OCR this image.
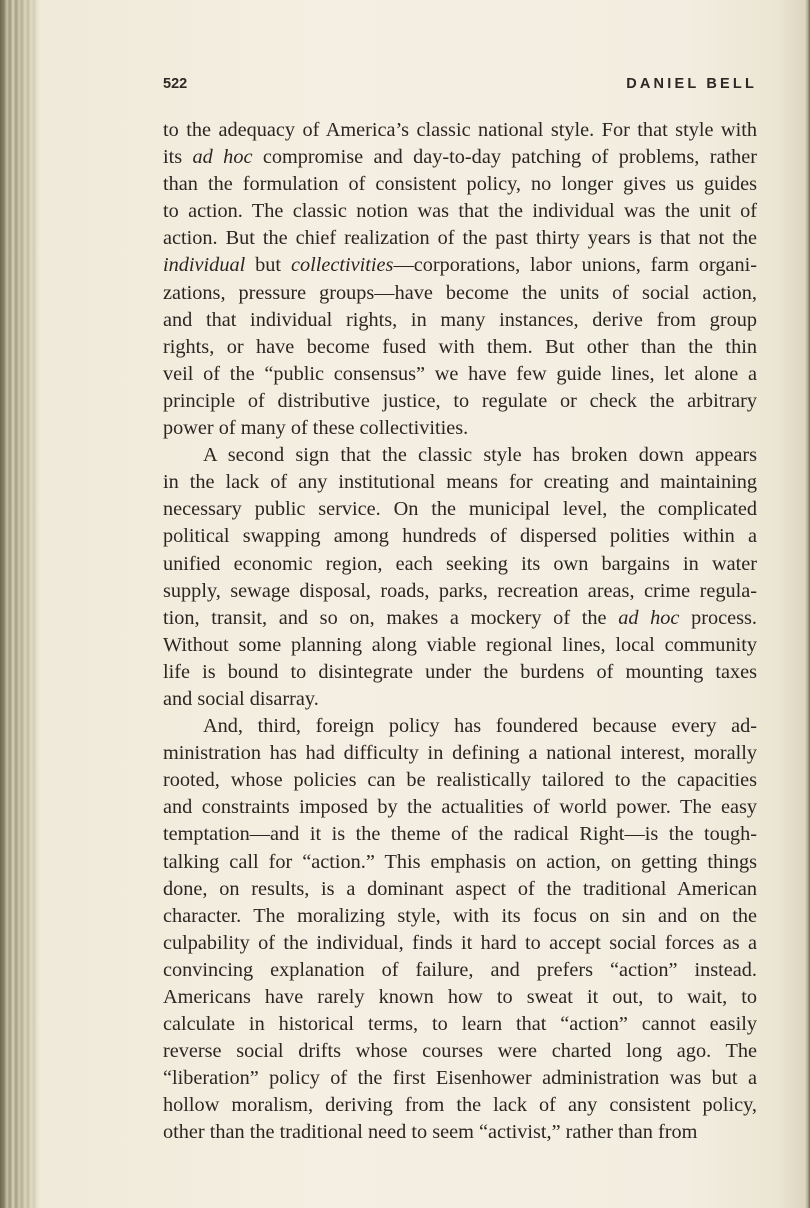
522	DANIEL BELL

to the adequacy of America’s classic national style. For that style with
its ad hoc compromise and day-to-day patching of problems, rather
than the formulation of consistent policy, no longer gives us guides
to action. The classic notion was that the individual was the unit of
action. But the chief realization of the past thirty years is that not the
individual but collectivities—corporations, labor unions, farm organi-
zations, pressure groups—have become the units of social action,
and that individual rights, in many instances, derive from group
rights, or have become fused with them. But other than the thin
veil of the “public consensus” we have few guide lines, let alone a
principle of distributive justice, to regulate or check the arbitrary
power of many of these collectivities.

A second sign that the classic style has broken down appears
in the lack of any institutional means for creating and maintaining
necessary public service. On the municipal level, the complicated
political swapping among hundreds of dispersed polities within a
unified economic region, each seeking its own bargains in water
supply, sewage disposal, roads, parks, recreation areas, crime regula-
tion, transit, and so on, makes a mockery of the ad hoc process.
Without some planning along viable regional lines, local community
life is bound to disintegrate under the burdens of mounting taxes
and social disarray.

And, third, foreign policy has foundered because every ad-
ministration has had difficulty in defining a national interest, morally
rooted, whose policies can be realistically tailored to the capacities
and constraints imposed by the actualities of world power. The easy
temptation—and it is the theme of the radical Right—is the tough-
talking call for “action.” This emphasis on action, on getting things
done, on results, is a dominant aspect of the traditional American
character. The moralizing style, with its focus on sin and on the
culpability of the individual, finds it hard to accept social forces as a
convincing explanation of failure, and prefers “action” instead.
Americans have rarely known how to sweat it out, to wait, to
calculate in historical terms, to learn that “action” cannot easily
reverse social drifts whose courses were charted long ago. The
“liberation” policy of the first Eisenhower administration was but a
hollow moralism, deriving from the lack of any consistent policy,
other than the traditional need to seem “activist,” rather than from
